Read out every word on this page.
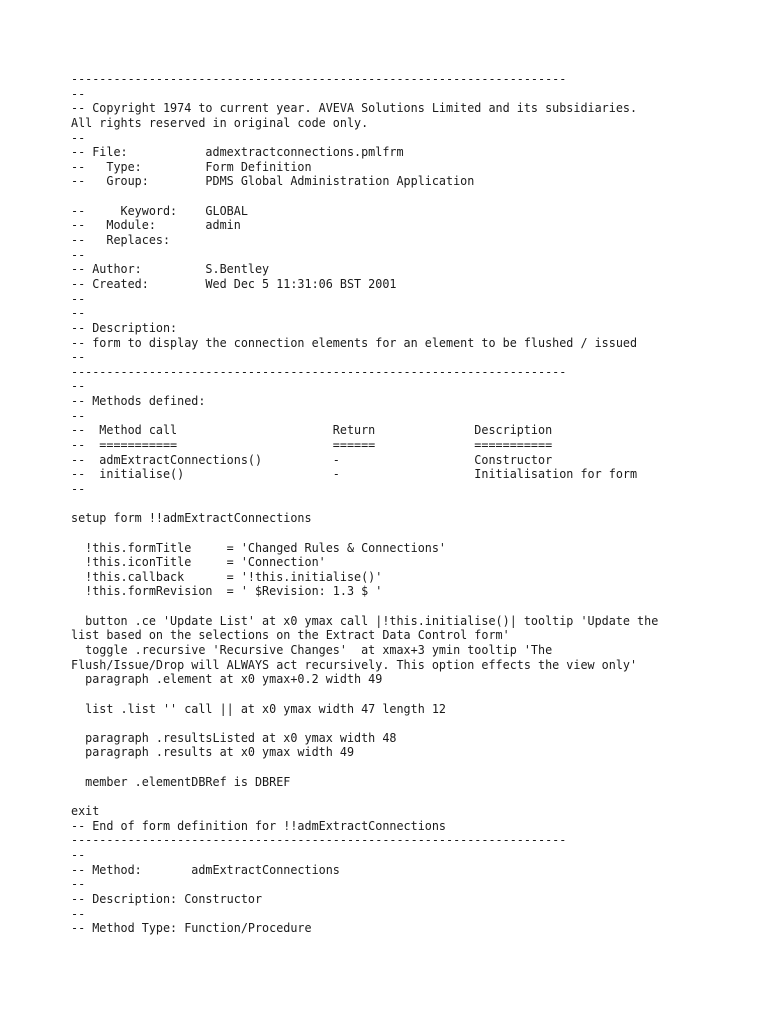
----------------------------------------------------------------------
--
-- Copyright 1974 to current year. AVEVA Solutions Limited and its subsidiaries.
All rights reserved in original code only.
--
-- File:           admextractconnections.pmlfrm
--   Type:         Form Definition
--   Group:        PDMS Global Administration Application
--     Keyword:    GLOBAL
--   Module:       admin
--   Replaces:
--
-- Author:         S.Bentley
-- Created:        Wed Dec 5 11:31:06 BST 2001
--
--
-- Description:
-- form to display the connection elements for an element to be flushed / issued
--
----------------------------------------------------------------------
--
-- Methods defined:
--
--  Method call                      Return              Description
--  ===========                      ======              ===========
--  admExtractConnections()          -                   Constructor
--  initialise()                     -                   Initialisation for form
--
setup form !!admExtractConnections
!this.formTitle     = 'Changed Rules & Connections'
!this.iconTitle     = 'Connection'
!this.callback      = '!this.initialise()'
!this.formRevision  = ' $Revision: 1.3 $ '
button .ce 'Update List' at x0 ymax call |!this.initialise()| tooltip 'Update the
list based on the selections on the Extract Data Control form'
toggle .recursive 'Recursive Changes'  at xmax+3 ymin tooltip 'The
Flush/Issue/Drop will ALWAYS act recursively. This option effects the view only'
paragraph .element at x0 ymax+0.2 width 49
list .list '' call || at x0 ymax width 47 length 12
paragraph .resultsListed at x0 ymax width 48
paragraph .results at x0 ymax width 49
member .elementDBRef is DBREF
exit
-- End of form definition for !!admExtractConnections
----------------------------------------------------------------------
--
-- Method:       admExtractConnections
--
-- Description: Constructor
--
-- Method Type: Function/Procedure
